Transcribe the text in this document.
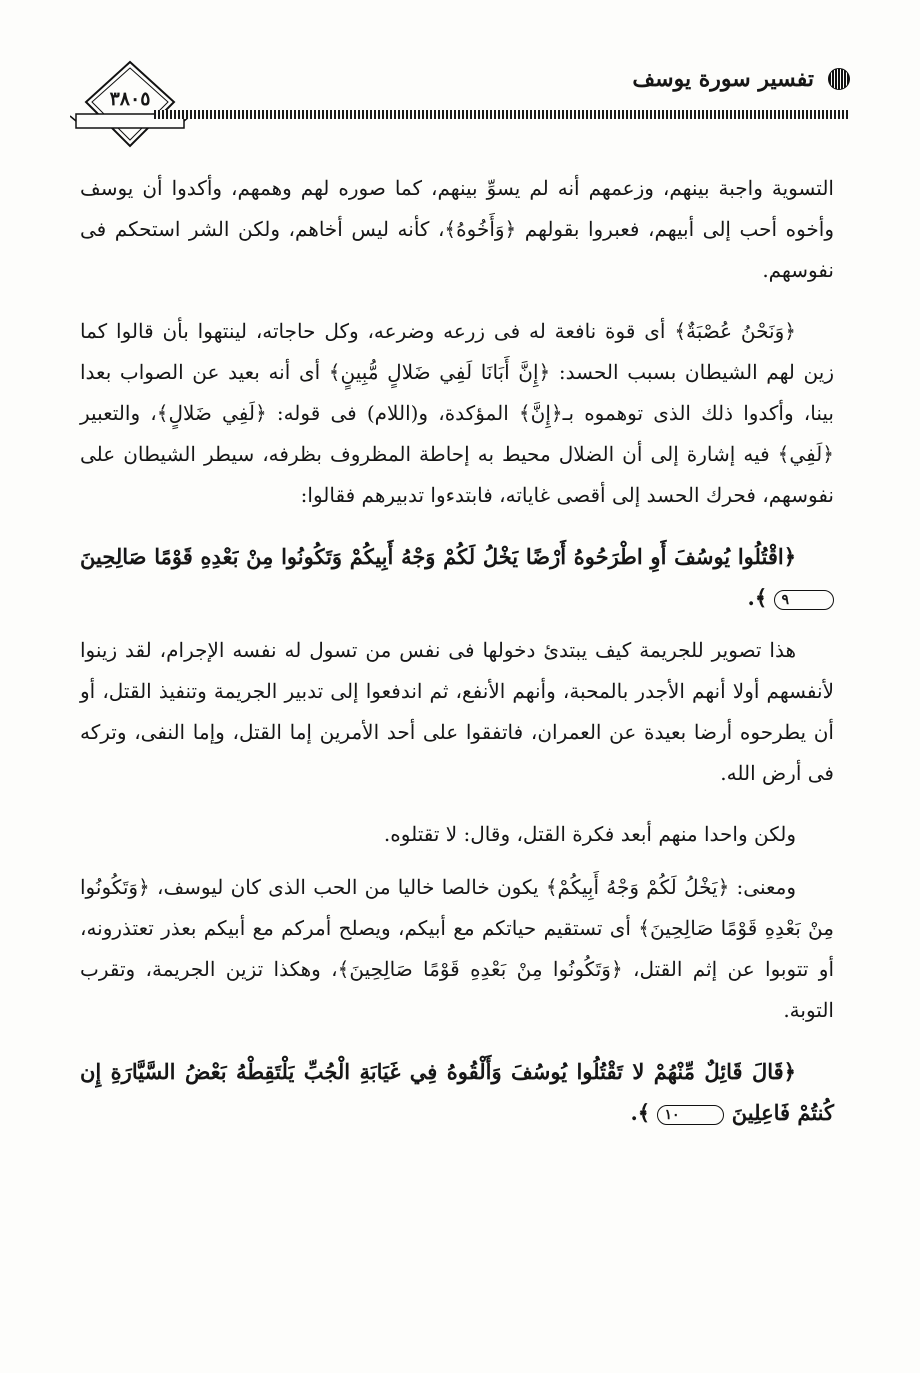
٣٨٠٥
تفسير سورة يوسف

التسوية واجبة بينهم، وزعمهم أنه لم يسوِّ بينهم، كما صوره لهم وهمهم، وأكدوا أن يوسف وأخوه أحب إلى أبيهم، فعبروا بقولهم ﴿وَأَخُوهُ﴾، كأنه ليس أخاهم، ولكن الشر استحكم فى نفوسهم.

﴿وَنَحْنُ عُصْبَةٌ﴾ أى قوة نافعة له فى زرعه وضرعه، وكل حاجاته، لينتهوا بأن قالوا كما زين لهم الشيطان بسبب الحسد: ﴿إِنَّ أَبَانَا لَفِي ضَلالٍ مُّبِينٍ﴾ أى أنه بعيد عن الصواب بعدا بينا، وأكدوا ذلك الذى توهموه بـ﴿إِنَّ﴾ المؤكدة، و(اللام) فى قوله: ﴿لَفِي ضَلالٍ﴾، والتعبير ﴿لَفِي﴾ فيه إشارة إلى أن الضلال محيط به إحاطة المظروف بظرفه، سيطر الشيطان على نفوسهم، فحرك الحسد إلى أقصى غاياته، فابتدءوا تدبيرهم فقالوا:

﴿اقْتُلُوا يُوسُفَ أَوِ اطْرَحُوهُ أَرْضًا يَخْلُ لَكُمْ وَجْهُ أَبِيكُمْ وَتَكُونُوا مِنْ بَعْدِهِ قَوْمًا صَالِحِينَ ٩ ﴾.

هذا تصوير للجريمة كيف يبتدئ دخولها فى نفس من تسول له نفسه الإجرام، لقد زينوا لأنفسهم أولا أنهم الأجدر بالمحبة، وأنهم الأنفع، ثم اندفعوا إلى تدبير الجريمة وتنفيذ القتل، أو أن يطرحوه أرضا بعيدة عن العمران، فاتفقوا على أحد الأمرين إما القتل، وإما النفى، وتركه فى أرض الله.

ولكن واحدا منهم أبعد فكرة القتل، وقال: لا تقتلوه.

ومعنى: ﴿يَخْلُ لَكُمْ وَجْهُ أَبِيكُمْ﴾ يكون خالصا خاليا من الحب الذى كان ليوسف، ﴿وَتَكُونُوا مِنْ بَعْدِهِ قَوْمًا صَالِحِينَ﴾ أى تستقيم حياتكم مع أبيكم، ويصلح أمركم مع أبيكم بعذر تعتذرونه، أو تتوبوا عن إثم القتل، ﴿وَتَكُونُوا مِنْ بَعْدِهِ قَوْمًا صَالِحِينَ﴾، وهكذا تزين الجريمة، وتقرب التوبة.

﴿قَالَ قَائِلٌ مِّنْهُمْ لا تَقْتُلُوا يُوسُفَ وَأَلْقُوهُ فِي غَيَابَةِ الْجُبِّ يَلْتَقِطْهُ بَعْضُ السَّيَّارَةِ إِن كُنتُمْ فَاعِلِينَ ١٠ ﴾.
